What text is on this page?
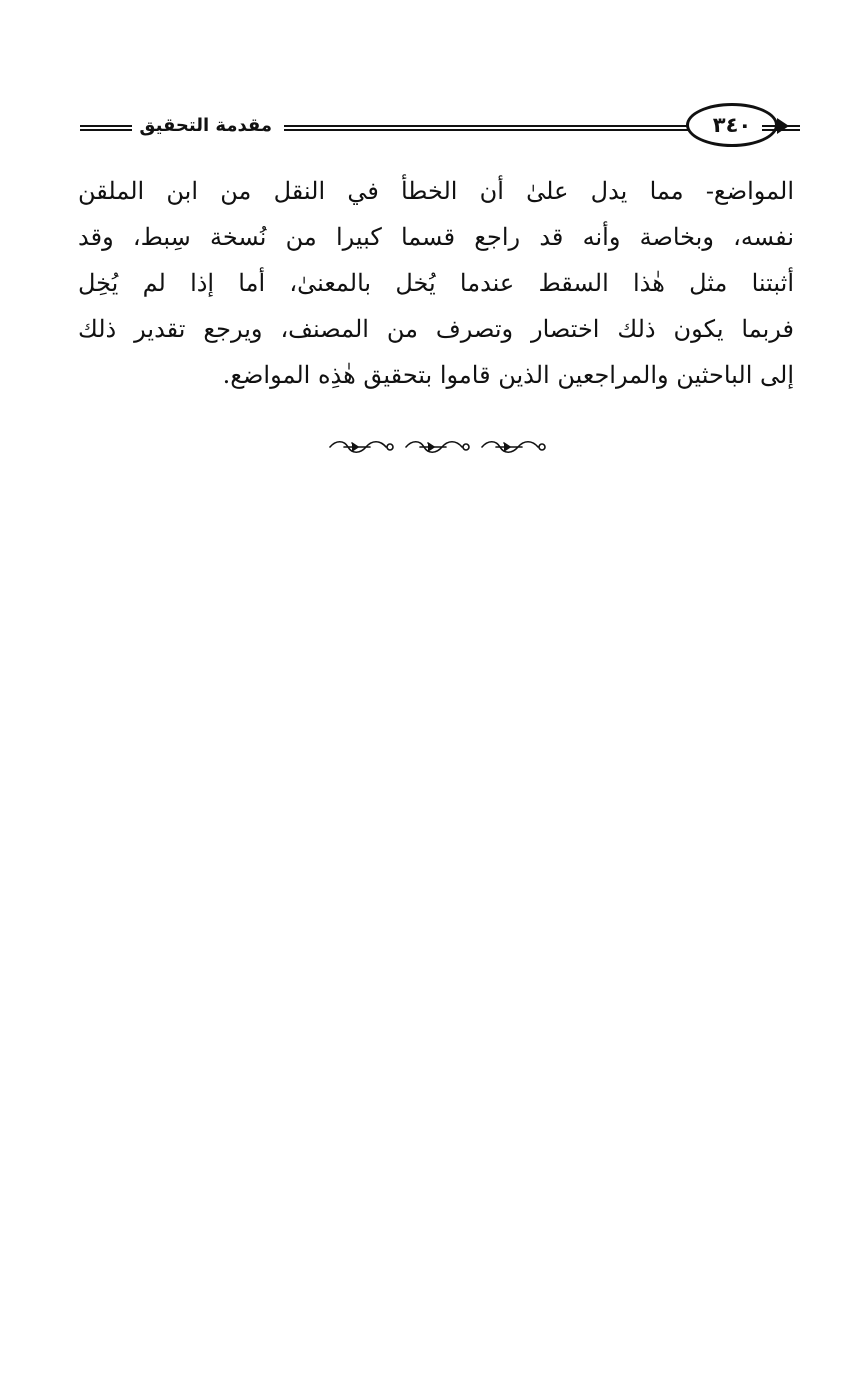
مقدمة التحقيق	٣٤٠
المواضع- مما يدل علىٰ أن الخطأ في النقل من ابن الملقن
نفسه، وبخاصة وأنه قد راجع قسما كبيرا من نُسخة سِبط، وقد
أثبتنا مثل هٰذا السقط عندما يُخل بالمعنىٰ، أما إذا لم يُخِل
فربما يكون ذلك اختصار وتصرف من المصنف، ويرجع تقدير ذلك
إلى الباحثين والمراجعين الذين قاموا بتحقيق هٰذِه المواضع.
